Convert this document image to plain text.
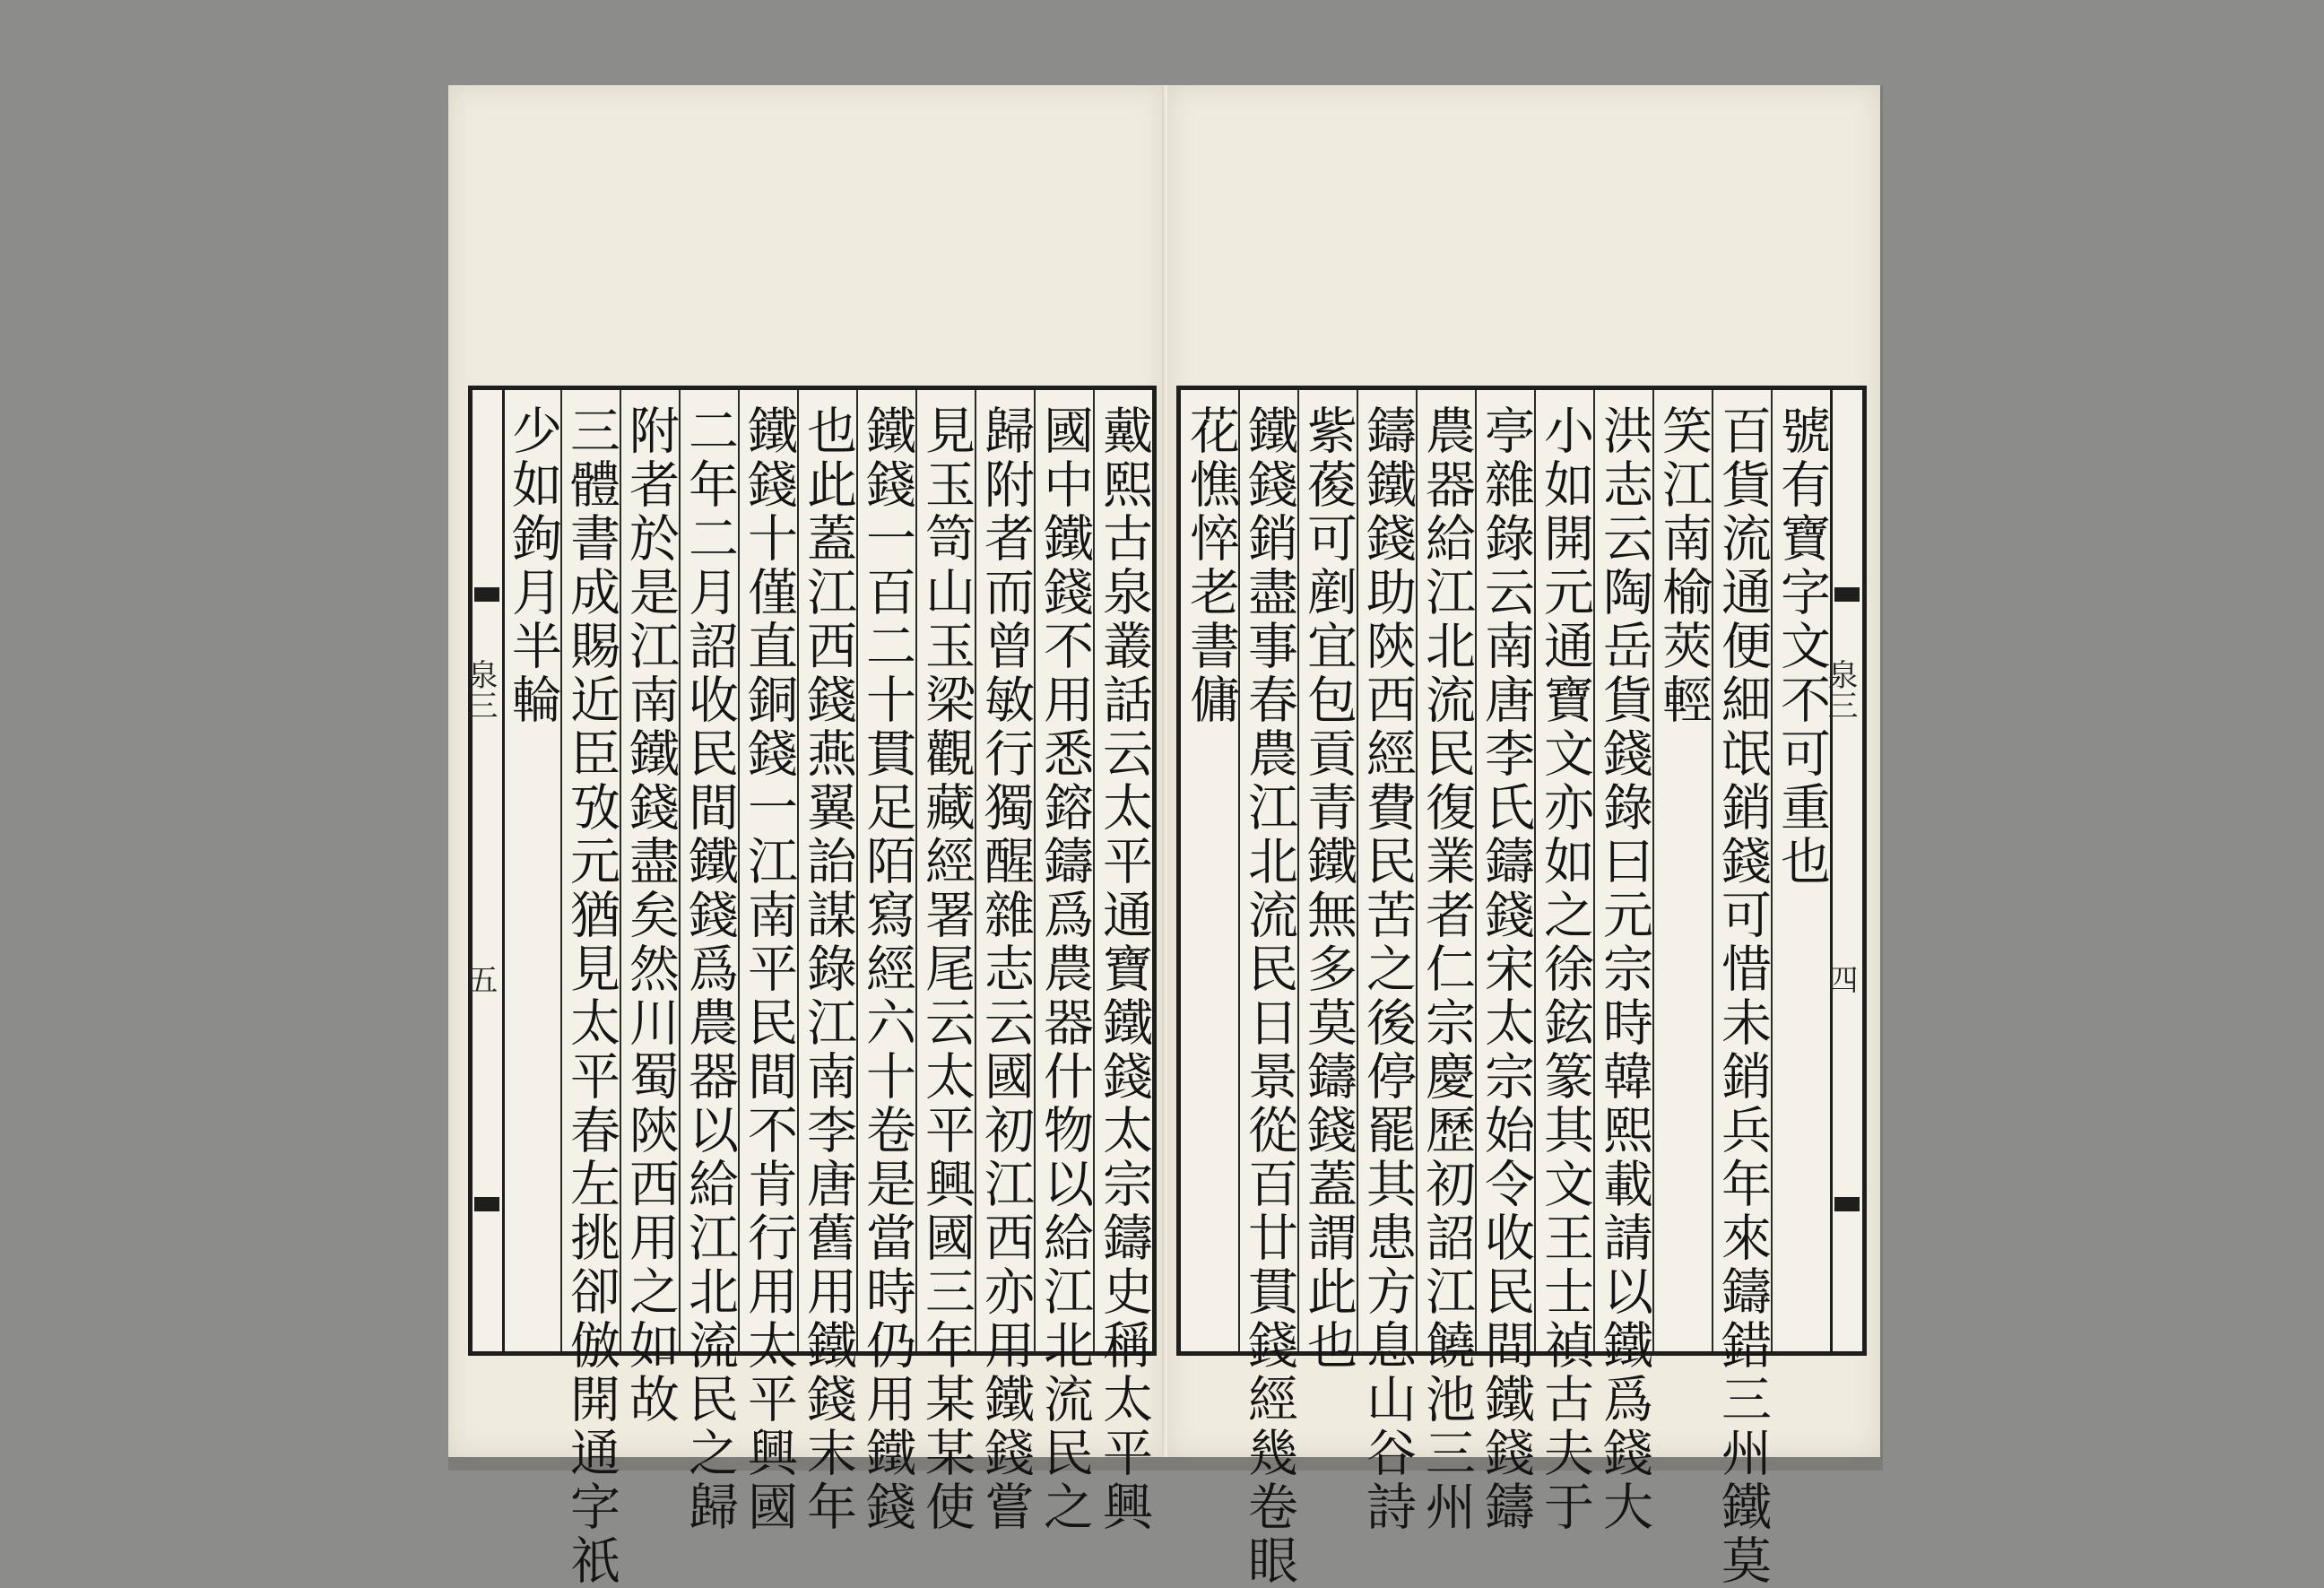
泉三
五	戴熙古泉叢話云太平通寶鐵錢太宗鑄史稱太平興
國中鐵錢不用悉鎔鑄爲農器什物以給江北流民之
歸附者而曾敏行獨醒雜志云國初江西亦用鐵錢嘗
見玉笥山玉梁觀藏經署尾云太平興國三年某某使
鐵錢一百二十貫足陌寫經六十卷是當時仍用鐵錢
也此蓋江西錢燕翼詒謀錄江南李唐舊用鐵錢末年
鐵錢十僅直銅錢一江南平民間不肯行用太平興國
二年二月詔收民間鐵錢爲農器以給江北流民之歸
附者於是江南鐵錢盡矣然川蜀陝西用之如故
三體書成賜近臣攷元猶見太平春左挑卻倣開通字祇
少如鉤月半輪	泉三
四
號有寶字文不可重也
百貨流通便細氓銷錢可惜未銷兵年來鑄錯三州鐵莫
笑江南榆莢輕
洪志云陶岳貨錢錄曰元宗時韓熙載請以鐵爲錢大
小如開元通寶文亦如之徐鉉篆其文王士禎古夫于
亭雜錄云南唐李氏鑄錢宋太宗始令收民間鐵錢鑄
農器給江北流民復業者仁宗慶歷初詔江饒池三州
鑄鐵錢助陝西經費民苦之後停罷其患方息山谷詩
紫葰可剷宜包貢青鐵無多莫鑄錢蓋謂此也
鐵錢銷盡事春農江北流民日景從百廿貫錢經幾卷眼
花憔悴老書傭
